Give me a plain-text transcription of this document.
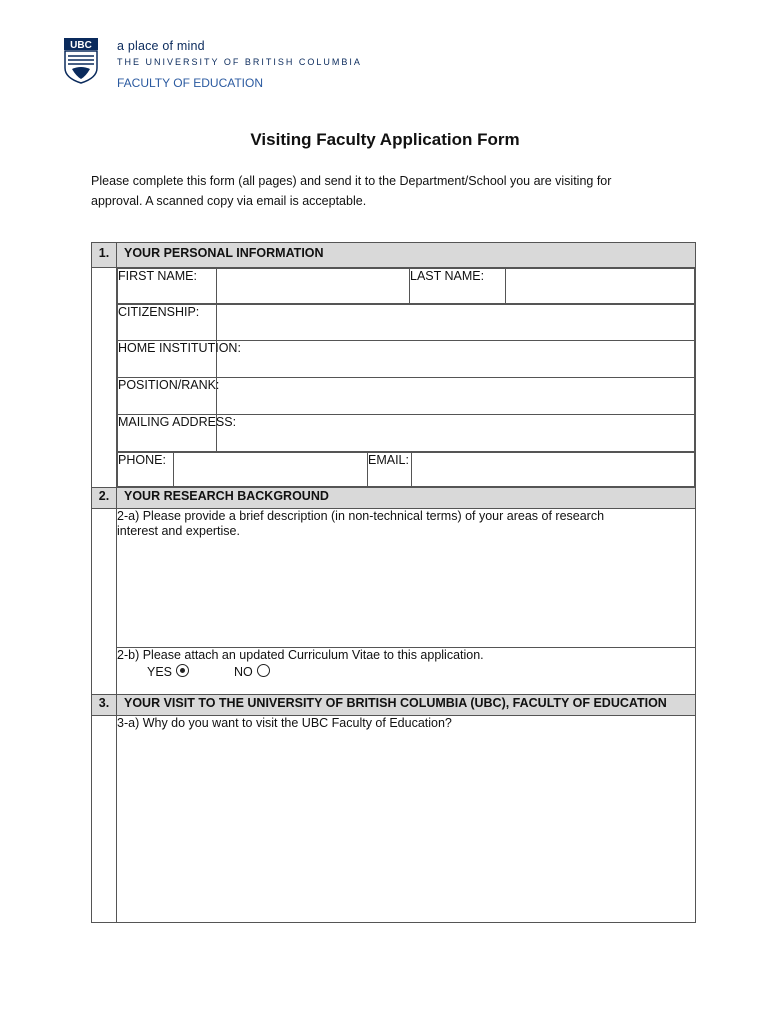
UBC a place of mind
THE UNIVERSITY OF BRITISH COLUMBIA
FACULTY OF EDUCATION
Visiting Faculty Application Form
Please complete this form (all pages) and send it to the Department/School you are visiting for
approval. A scanned copy via email is acceptable.
1.	YOUR PERSONAL INFORMATION

FIRST NAME:		LAST NAME:	
CITIZENSHIP:	
HOME INSTITUTION:	
POSITION/RANK:	
MAILING ADDRESS:	
PHONE:		EMAIL:	

2.	YOUR RESEARCH BACKGROUND

2-a) Please provide a brief description (in non-technical terms) of your areas of research
interest and expertise.

2-b) Please attach an updated Curriculum Vitae to this application.
YES	NO

3.	YOUR VISIT TO THE UNIVERSITY OF BRITISH COLUMBIA (UBC), FACULTY OF EDUCATION

3-a) Why do you want to visit the UBC Faculty of Education?
